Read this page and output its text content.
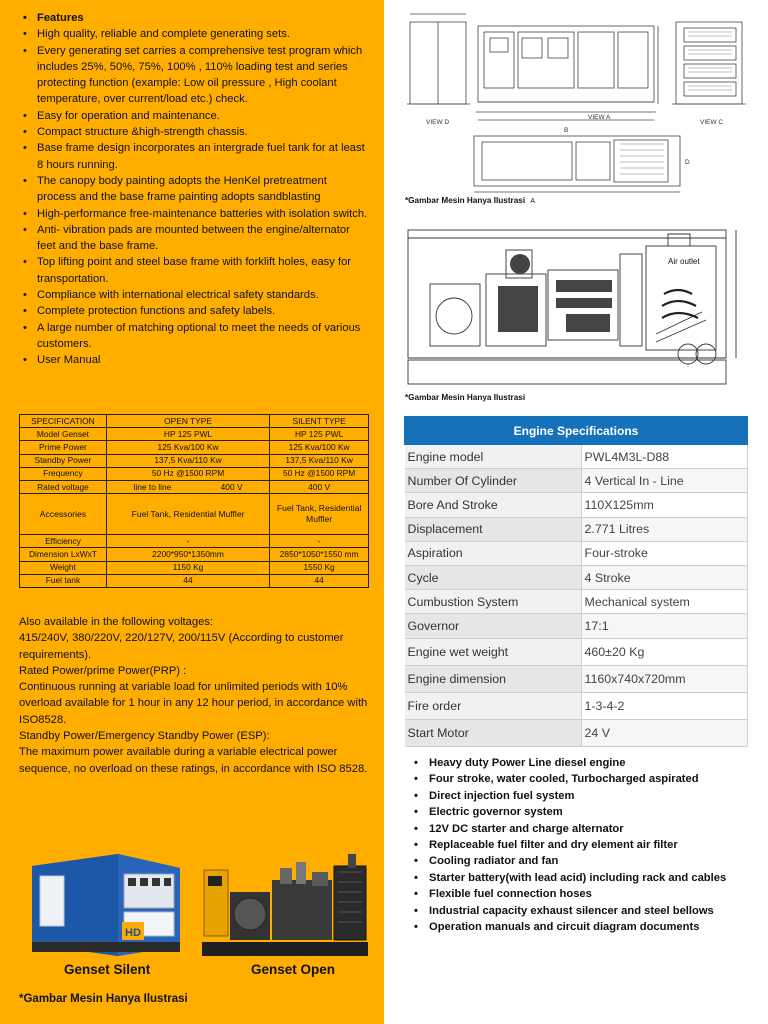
• Features
• High quality, reliable and complete generating sets.
• Every generating set carries a comprehensive test program which includes 25%, 50%, 75%, 100% , 110% loading test and series protecting function (example: Low oil pressure , High coolant temperature, over current/load etc.) check.
• Easy for operation and maintenance.
• Compact structure &high-strength chassis.
• Base frame design incorporates an intergrade fuel tank for at least 8 hours running.
• The canopy body painting adopts the HenKel pretreatment process and the base frame painting adopts sandblasting
• High-performance free-maintenance batteries with isolation switch.
• Anti- vibration pads are mounted between the engine/alternator feet and the base frame.
• Top lifting point and steel base frame with forklift holes, easy for transportation.
• Compliance with international electrical safety standards.
• Complete protection functions and safety labels.
• A large number of matching optional to meet the needs of various customers.
• User Manual
SPECIFICATION	OPEN TYPE	SILENT TYPE
Model Genset	HP 125 PWL	HP 125 PWL
Prime Power	125 Kva/100 Kw	125 Kva/100 Kw
Standby Power	137,5 Kva/110 Kw	137,5 Kva/110 Kw
Frequency	50 Hz @1500 RPM	50 Hz @1500 RPM
Rated voltage	line to line 400 V	400 V
Accessories	Fuel Tank, Residential Muffler	Fuel Tank, Residential Muffler
Efficiency	-	-
Dimension LxWxT	2200*950*1350mm	2850*1050*1550 mm
Weight	1150 Kg	1550 Kg
Fuel tank	44	44

Also available in the following voltages:

415/240V, 380/220V, 220/127V, 200/115V (According to customer requirements).

Rated Power/prime Power(PRP) :

Continuous running at variable load for unlimited periods with 10% overload available for 1 hour in any 12 hour period, in accordance with ISO8528.

Standby Power/Emergency Standby Power (ESP):

The maximum power available during a variable electrical power sequence, no overload on these ratings, in accordance with ISO 8528.

HD
Genset Silent	Genset Open
*Gambar Mesin Hanya Ilustrasi
VIEW D
VIEW A
VIEW C
B
D
*Gambar Mesin Hanya Ilustrasi A
Air outlet
*Gambar Mesin Hanya Ilustrasi
Engine Specifications	
Engine model	PWL4M3L-D88
Number Of Cylinder	4 Vertical In - Line
Bore And Stroke	110X125mm
Displacement	2.771 Litres
Aspiration	Four-stroke
Cycle	4 Stroke
Cumbustion System	Mechanical system
Governor	17:1
Engine wet weight	460±20 Kg
Engine dimension	1160x740x720mm
Fire order	1-3-4-2
Start Motor	24 V
• Heavy duty Power Line diesel engine
• Four stroke, water cooled, Turbocharged aspirated
• Direct injection fuel system
• Electric governor system
• 12V DC starter and charge alternator
• Replaceable fuel filter and dry element air filter
• Cooling radiator and fan
• Starter battery(with lead acid) including rack and cables
• Flexible fuel connection hoses
• Industrial capacity exhaust silencer and steel bellows
• Operation manuals and circuit diagram documents
